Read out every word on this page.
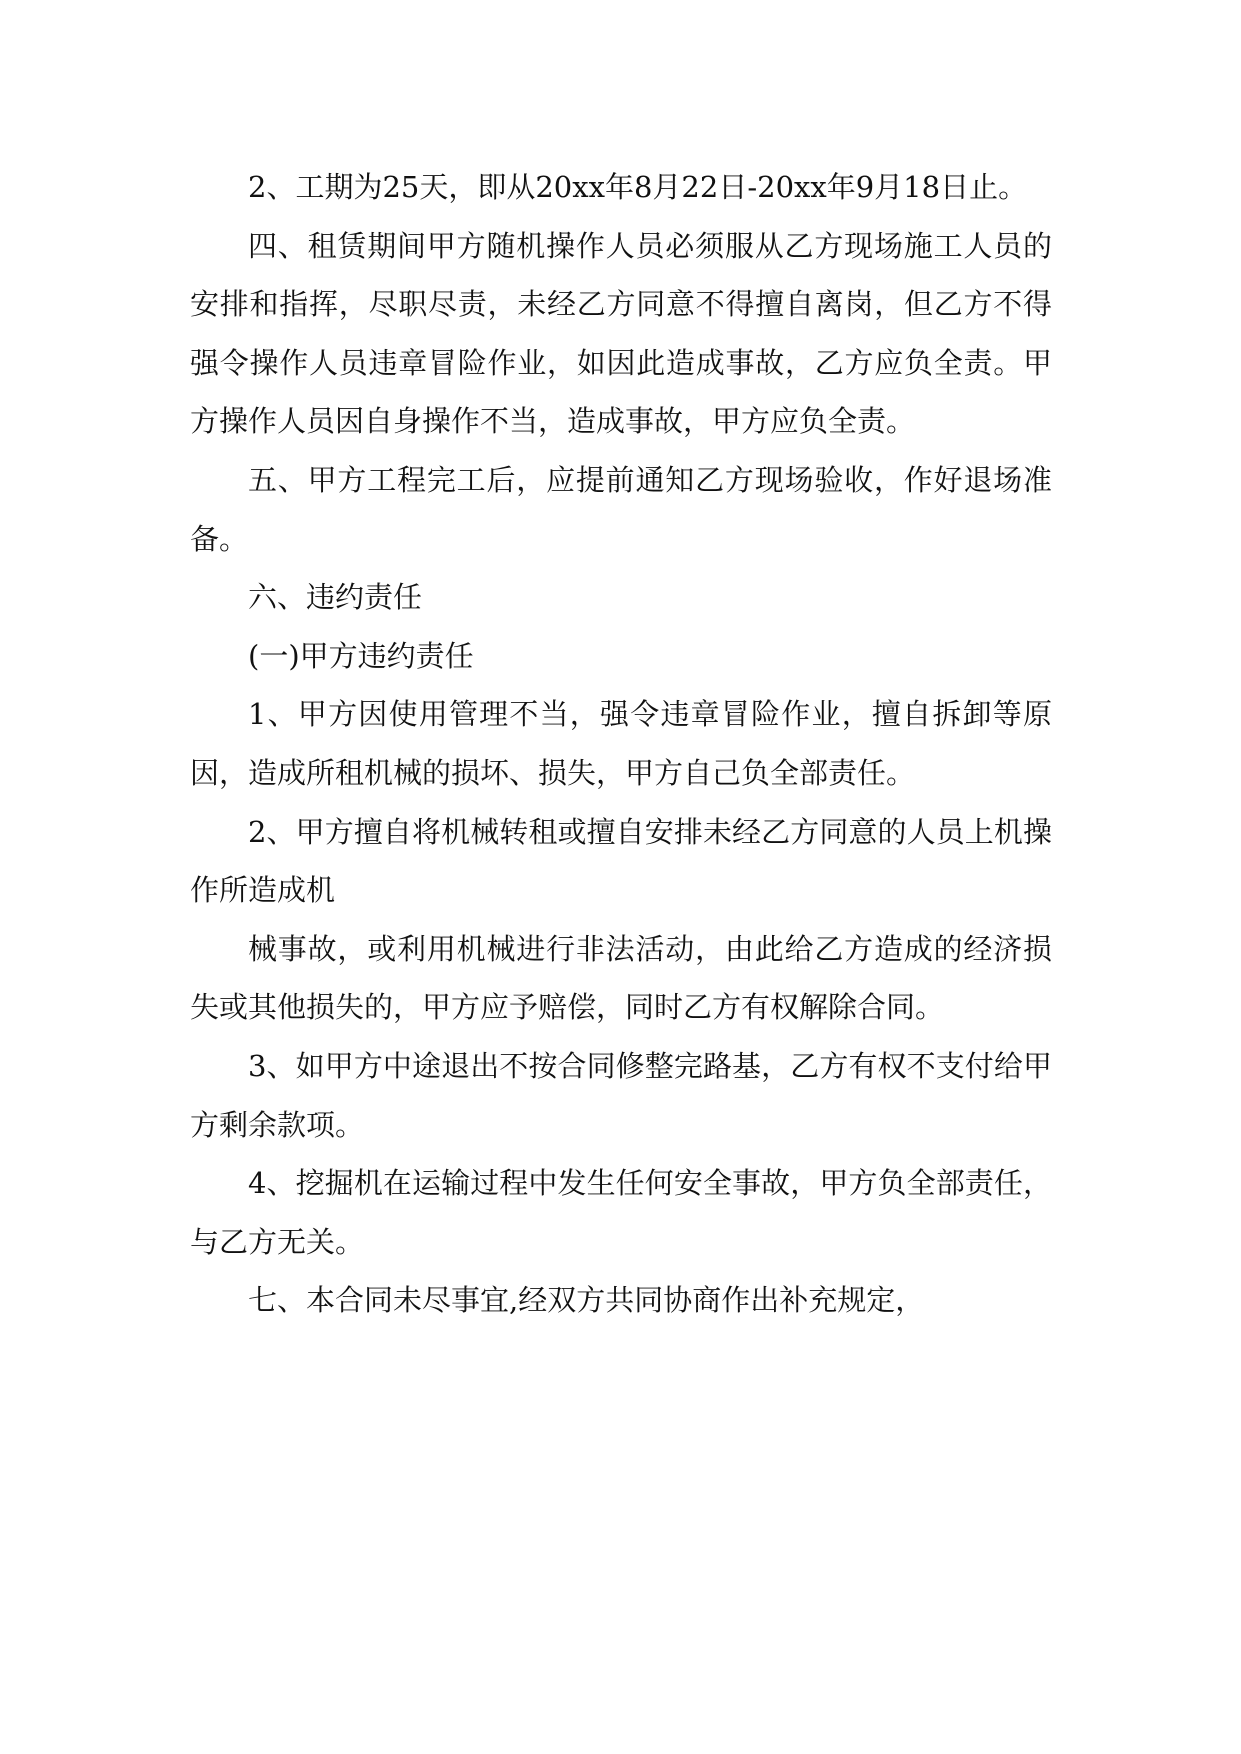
2、工期为25天，即从20xx年8月22日-20xx年9月18日止。

四、租赁期间甲方随机操作人员必须服从乙方现场施工人员的安排和指挥，尽职尽责，未经乙方同意不得擅自离岗，但乙方不得强令操作人员违章冒险作业，如因此造成事故，乙方应负全责。甲方操作人员因自身操作不当，造成事故，甲方应负全责。

五、甲方工程完工后，应提前通知乙方现场验收，作好退场准备。

六、违约责任

(一)甲方违约责任

1、甲方因使用管理不当，强令违章冒险作业，擅自拆卸等原因，造成所租机械的损坏、损失，甲方自己负全部责任。

2、甲方擅自将机械转租或擅自安排未经乙方同意的人员上机操作所造成机

械事故，或利用机械进行非法活动，由此给乙方造成的经济损失或其他损失的，甲方应予赔偿，同时乙方有权解除合同。

3、如甲方中途退出不按合同修整完路基，乙方有权不支付给甲方剩余款项。

4、挖掘机在运输过程中发生任何安全事故，甲方负全部责任，与乙方无关。

七、本合同未尽事宜,经双方共同协商作出补充规定，
